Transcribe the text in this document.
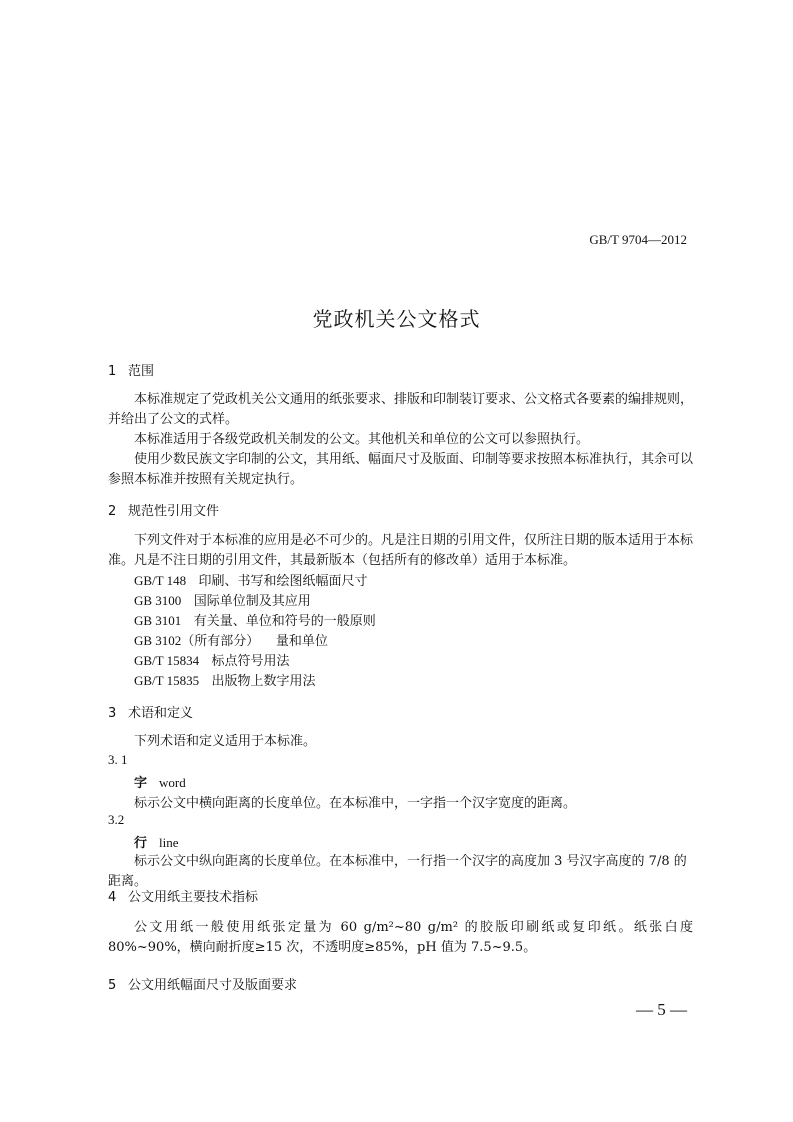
GB/T 9704—2012
党政机关公文格式
1 范围
本标准规定了党政机关公文通用的纸张要求、排版和印制装订要求、公文格式各要素的编排规则，并给出了公文的式样。
本标准适用于各级党政机关制发的公文。其他机关和单位的公文可以参照执行。
使用少数民族文字印制的公文，其用纸、幅面尺寸及版面、印制等要求按照本标准执行，其余可以参照本标准并按照有关规定执行。
2 规范性引用文件
下列文件对于本标准的应用是必不可少的。凡是注日期的引用文件，仅所注日期的版本适用于本标准。凡是不注日期的引用文件，其最新版本（包括所有的修改单）适用于本标准。
GB/T 148 印刷、书写和绘图纸幅面尺寸
GB 3100 国际单位制及其应用
GB 3101 有关量、单位和符号的一般原则
GB 3102（所有部分） 量和单位
GB/T 15834 标点符号用法
GB/T 15835 出版物上数字用法
3 术语和定义
下列术语和定义适用于本标准。
3. 1
字 word
标示公文中横向距离的长度单位。在本标准中，一字指一个汉字宽度的距离。
3.2
行 line
标示公文中纵向距离的长度单位。在本标准中，一行指一个汉字的高度加 3 号汉字高度的 7/8 的距离。
4 公文用纸主要技术指标
公文用纸一般使用纸张定量为 60 g/m²~80 g/m² 的胶版印刷纸或复印纸。纸张白度 80%~90%，横向耐折度≥15 次，不透明度≥85%，pH 值为 7.5~9.5。
5 公文用纸幅面尺寸及版面要求
— 5 —
